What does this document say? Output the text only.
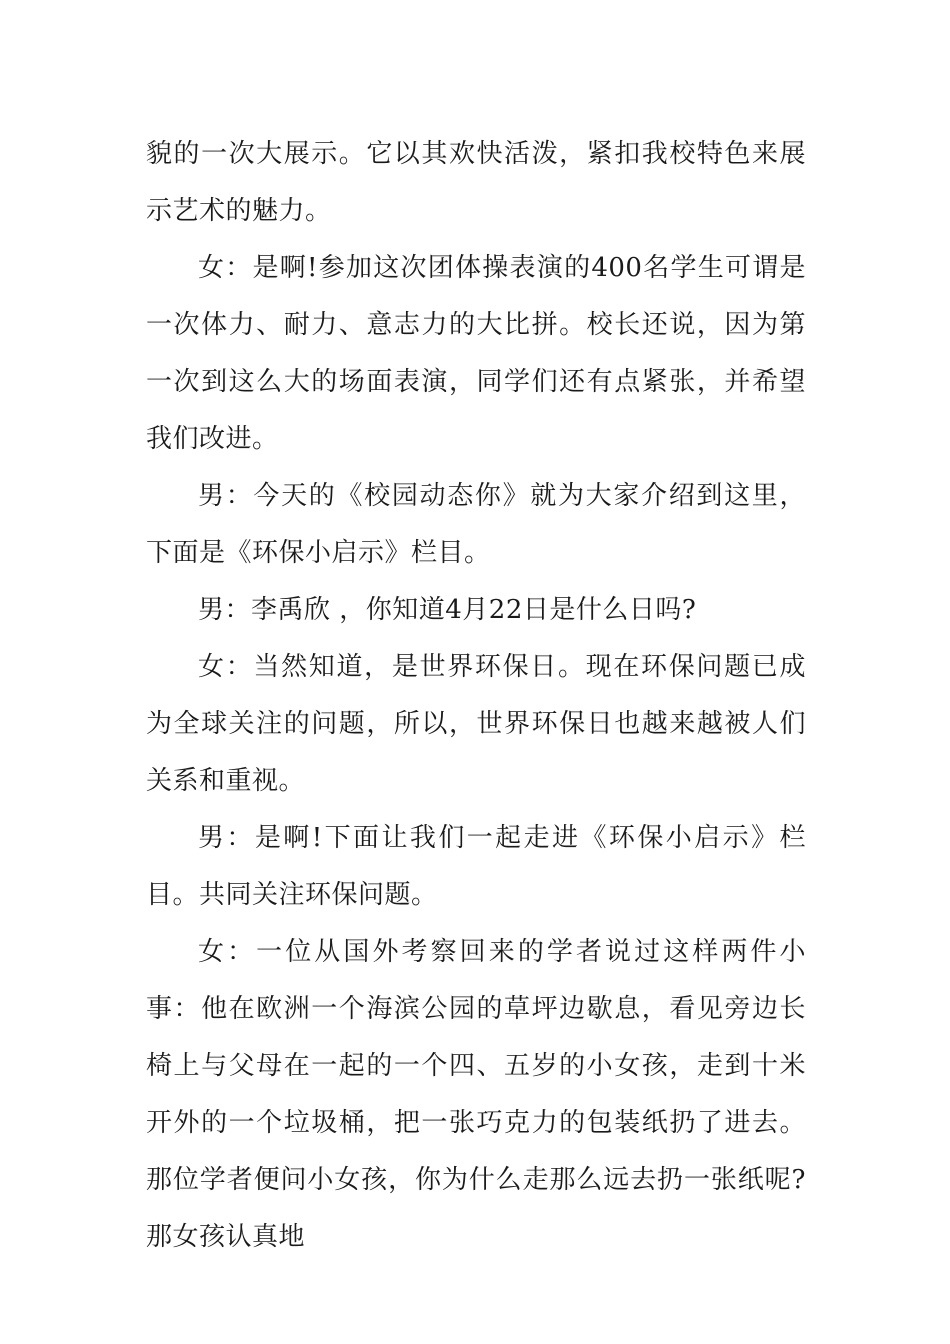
貌的一次大展示。它以其欢快活泼，紧扣我校特色来展示艺术的魅力。

女：是啊!参加这次团体操表演的400名学生可谓是一次体力、耐力、意志力的大比拼。校长还说，因为第一次到这么大的场面表演，同学们还有点紧张，并希望我们改进。

男：今天的《校园动态你》就为大家介绍到这里，下面是《环保小启示》栏目。

男：李禹欣 ，你知道4月22日是什么日吗?

女：当然知道，是世界环保日。现在环保问题已成为全球关注的问题，所以，世界环保日也越来越被人们关系和重视。

男：是啊!下面让我们一起走进《环保小启示》栏目。共同关注环保问题。

女：一位从国外考察回来的学者说过这样两件小事：他在欧洲一个海滨公园的草坪边歇息，看见旁边长椅上与父母在一起的一个四、五岁的小女孩，走到十米开外的一个垃圾桶，把一张巧克力的包装纸扔了进去。那位学者便问小女孩，你为什么走那么远去扔一张纸呢?那女孩认真地
